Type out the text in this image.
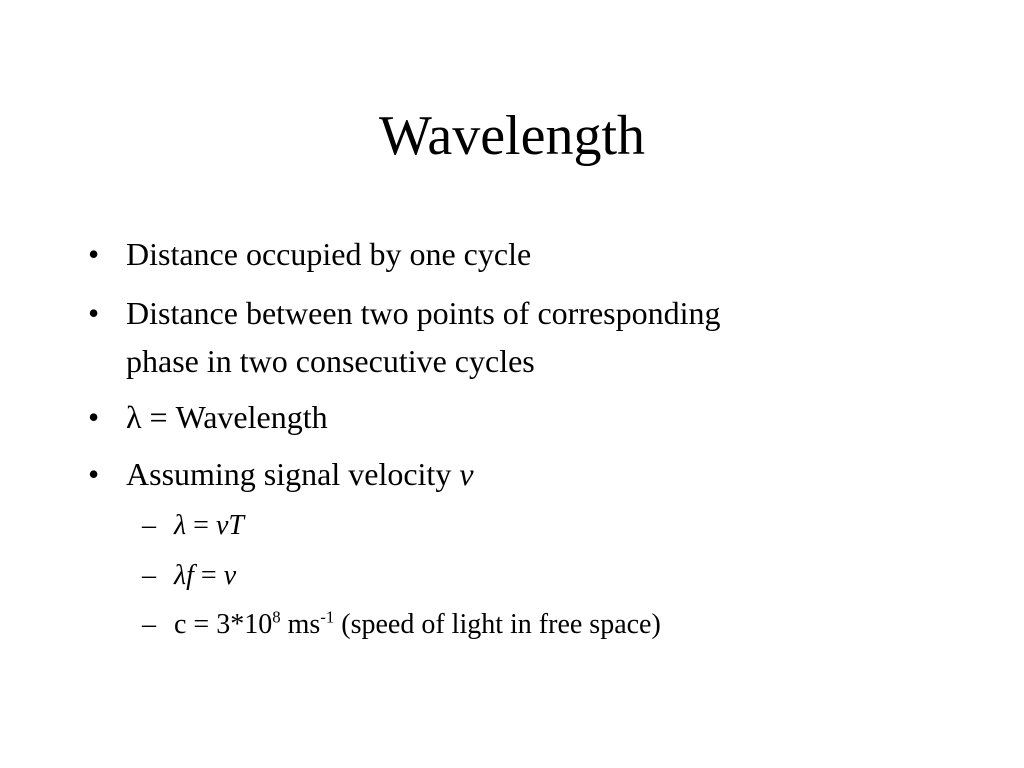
Wavelength
• Distance occupied by one cycle
• Distance between two points of corresponding
phase in two consecutive cycles
• λ = Wavelength
• Assuming signal velocity v
– λ = vT
– λf = v
– $c = 3*10^8$ $ms^{-1}$ (speed of light in free space)
